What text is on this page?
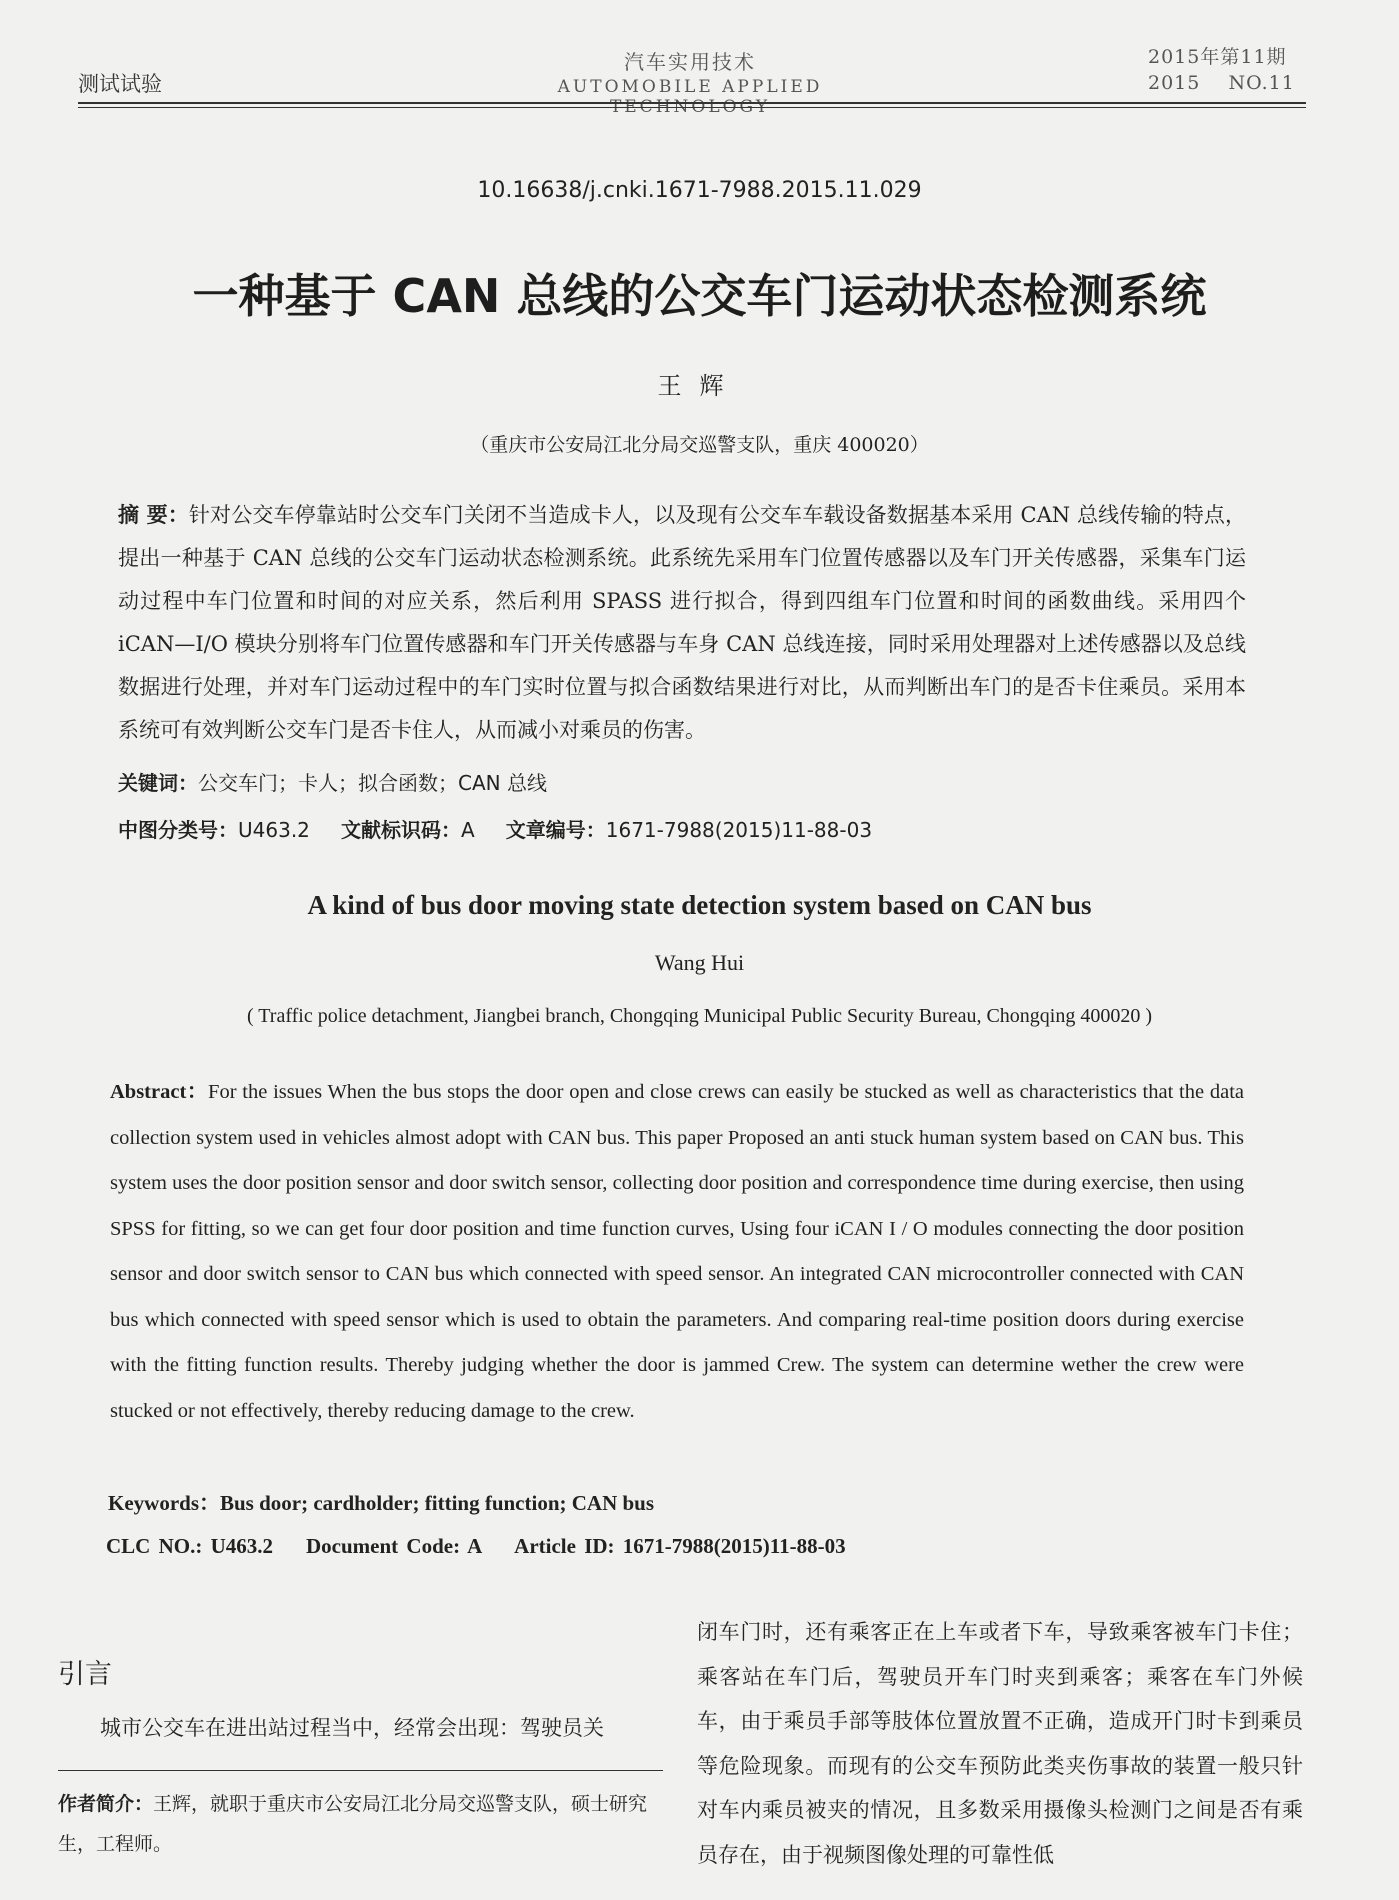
测试试验
汽车实用技术
AUTOMOBILE APPLIED TECHNOLOGY
2015年第11期
2015    NO.11
10.16638/j.cnki.1671-7988.2015.11.029
一种基于 CAN 总线的公交车门运动状态检测系统
王辉
（重庆市公安局江北分局交巡警支队，重庆 400020）
摘 要：针对公交车停靠站时公交车门关闭不当造成卡人，以及现有公交车车载设备数据基本采用 CAN 总线传输的特点，提出一种基于 CAN 总线的公交车门运动状态检测系统。此系统先采用车门位置传感器以及车门开关传感器，采集车门运动过程中车门位置和时间的对应关系，然后利用 SPASS 进行拟合，得到四组车门位置和时间的函数曲线。采用四个 iCAN—I/O 模块分别将车门位置传感器和车门开关传感器与车身 CAN 总线连接，同时采用处理器对上述传感器以及总线数据进行处理，并对车门运动过程中的车门实时位置与拟合函数结果进行对比，从而判断出车门的是否卡住乘员。采用本系统可有效判断公交车门是否卡住人，从而减小对乘员的伤害。
关键词：公交车门；卡人；拟合函数；CAN 总线
中图分类号：U463.2 文献标识码：A 文章编号：1671-7988(2015)11-88-03
A kind of bus door moving state detection system based on CAN bus
Wang Hui
( Traffic police detachment, Jiangbei branch, Chongqing Municipal Public Security Bureau, Chongqing 400020 )
Abstract：For the issues When the bus stops the door open and close crews can easily be stucked as well as characteristics that the data collection system used in vehicles almost adopt with CAN bus. This paper Proposed an anti stuck human system based on CAN bus. This system uses the door position sensor and door switch sensor, collecting door position and correspondence time during exercise, then using SPSS for fitting, so we can get four door position and time function curves, Using four iCAN I / O modules connecting the door position sensor and door switch sensor to CAN bus which connected with speed sensor. An integrated CAN microcontroller connected with CAN bus which connected with speed sensor which is used to obtain the parameters. And comparing real-time position doors during exercise with the fitting function results. Thereby judging whether the door is jammed Crew. The system can determine wether the crew were stucked or not effectively, thereby reducing damage to the crew.
Keywords：Bus door; cardholder; fitting function; CAN bus
CLC NO.: U463.2 Document Code: A Article ID: 1671-7988(2015)11-88-03
引言
城市公交车在进出站过程当中，经常会出现：驾驶员关
作者简介：王辉，就职于重庆市公安局江北分局交巡警支队，硕士研究生，工程师。
闭车门时，还有乘客正在上车或者下车，导致乘客被车门卡住；乘客站在车门后，驾驶员开车门时夹到乘客；乘客在车门外候车，由于乘员手部等肢体位置放置不正确，造成开门时卡到乘员等危险现象。而现有的公交车预防此类夹伤事故的装置一般只针对车内乘员被夹的情况，且多数采用摄像头检测门之间是否有乘员存在，由于视频图像处理的可靠性低
